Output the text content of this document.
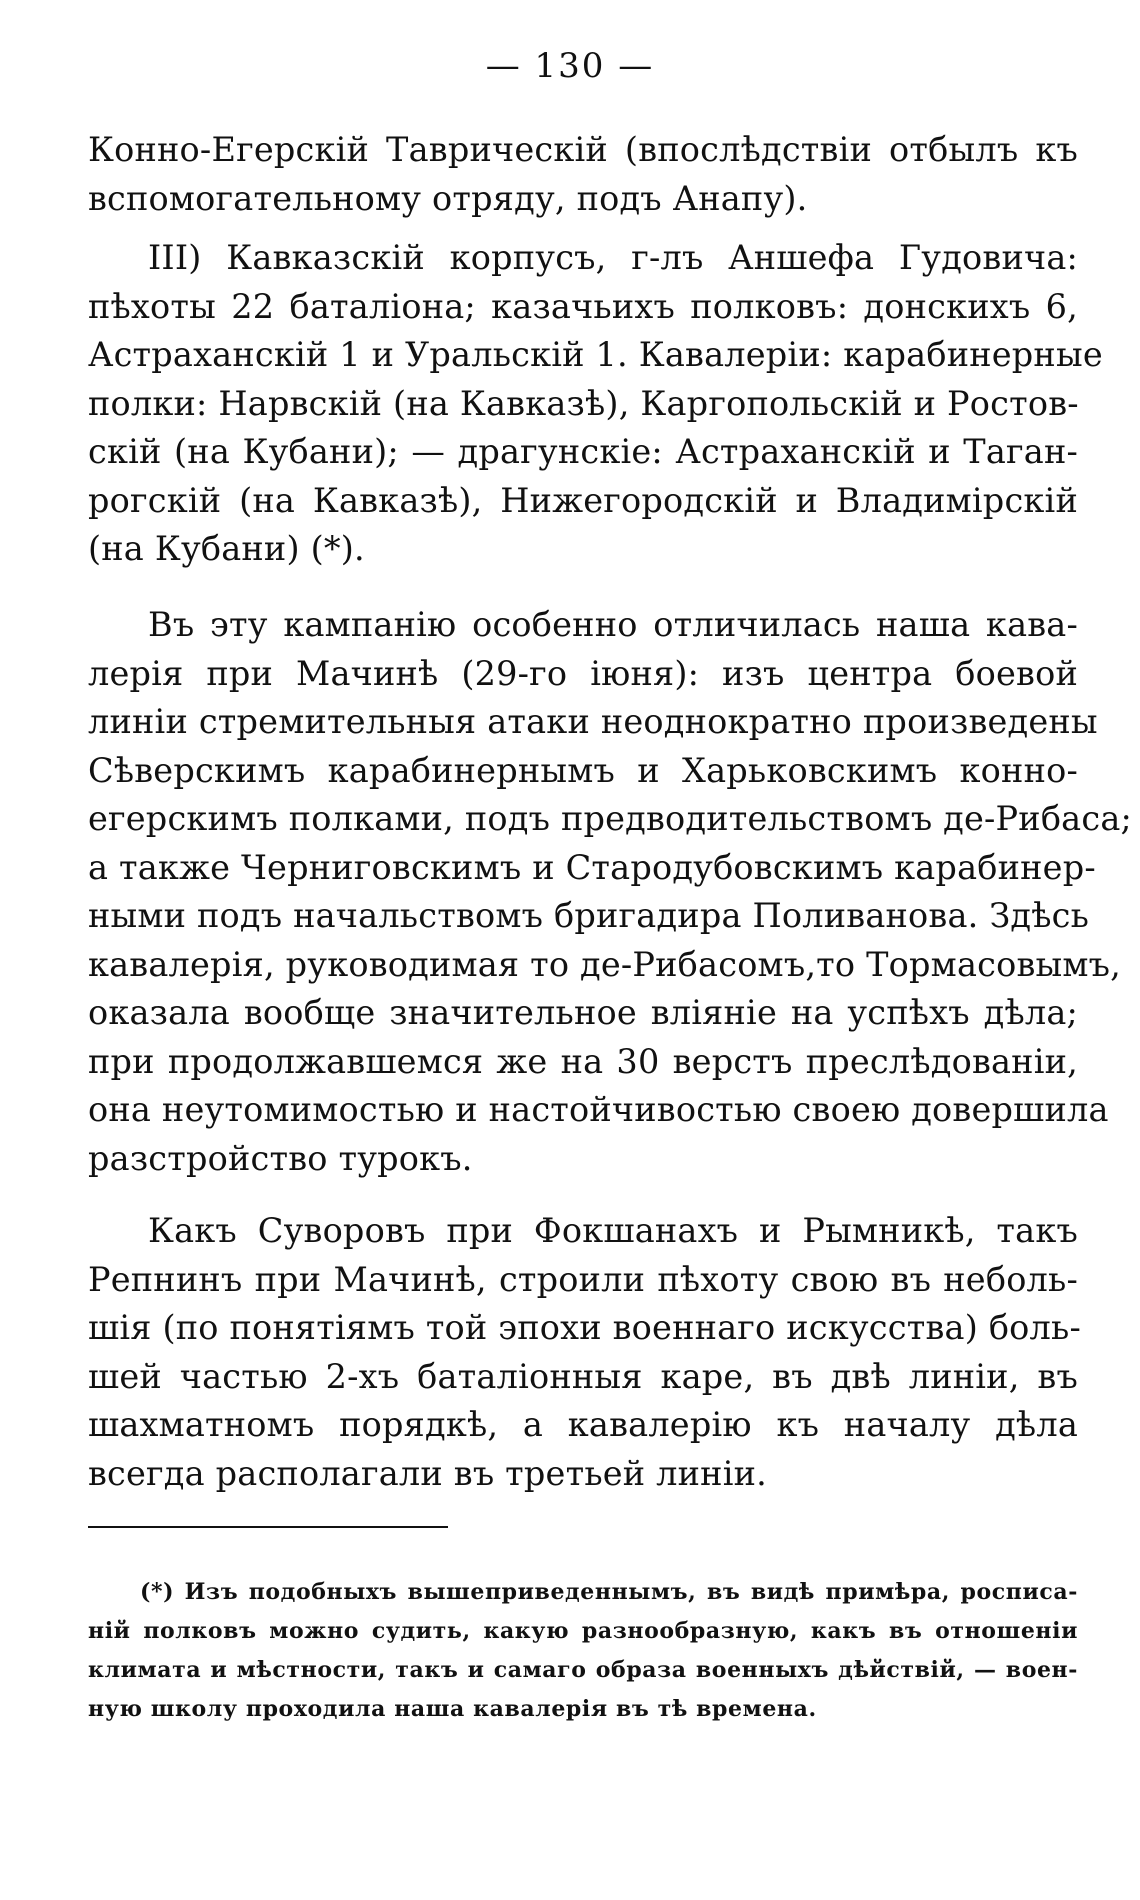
— 130 —
Конно-Егерскій Таврическій (впослѣдствіи отбылъ къ
вспомогательному отряду, подъ Анапу).
III) Кавказскій корпусъ, г-лъ Аншефа Гудовича:
пѣхоты 22 баталіона; казачьихъ полковъ: донскихъ 6,
Астраханскій 1 и Уральскій 1. Кавалеріи: карабинерные
полки: Нарвскій (на Кавказѣ), Каргопольскій и Ростов-
скій (на Кубани); — драгунскіе: Астраханскій и Таган-
рогскій (на Кавказѣ), Нижегородскій и Владимірскій
(на Кубани) (*).
Въ эту кампанію особенно отличилась наша кава-
лерія при Мачинѣ (29-го іюня): изъ центра боевой
линіи стремительныя атаки неоднократно произведены
Сѣверскимъ карабинернымъ и Харьковскимъ конно-
егерскимъ полками, подъ предводительствомъ де-Рибаса;
а также Черниговскимъ и Стародубовскимъ карабинер-
ными подъ начальствомъ бригадира Поливанова. Здѣсь
кавалерія, руководимая то де-Рибасомъ,то Тормасовымъ,
оказала вообще значительное вліяніе на успѣхъ дѣла;
при продолжавшемся же на 30 верстъ преслѣдованіи,
она неутомимостью и настойчивостью своею довершила
разстройство турокъ.
Какъ Суворовъ при Фокшанахъ и Рымникѣ, такъ
Репнинъ при Мачинѣ, строили пѣхоту свою въ неболь-
шія (по понятіямъ той эпохи военнаго искусства) боль-
шей частью 2-хъ баталіонныя каре, въ двѣ линіи, въ
шахматномъ порядкѣ, а кавалерію къ началу дѣла
всегда располагали въ третьей линіи.
(*) Изъ подобныхъ вышеприведеннымъ, въ видѣ примѣра, росписа-
ній полковъ можно судить, какую разнообразную, какъ въ отношеніи
климата и мѣстности, такъ и самаго образа военныхъ дѣйствій, — воен-
ную школу проходила наша кавалерія въ тѣ времена.
